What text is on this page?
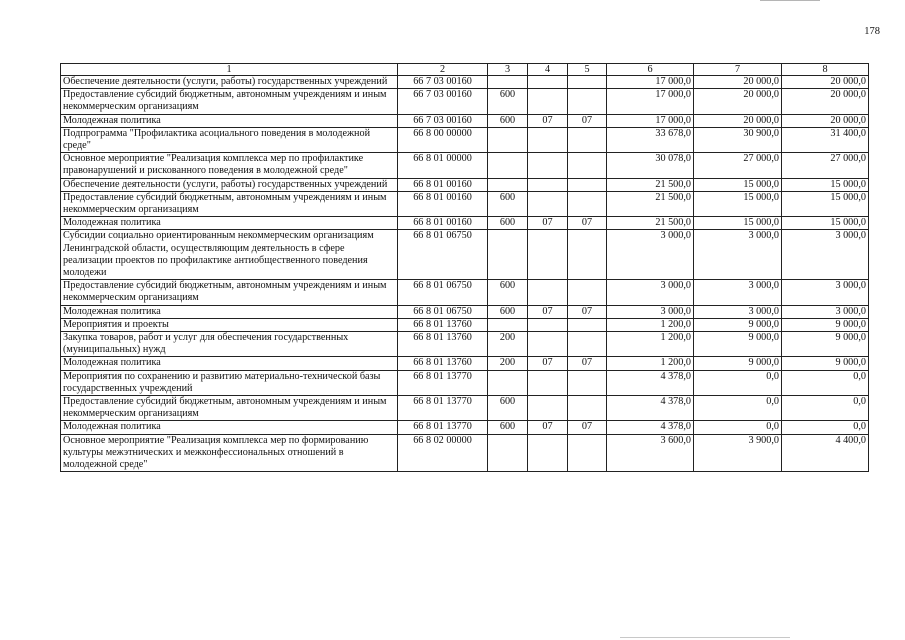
178
1	2	3	4	5	6	7	8
Обеспечение деятельности (услуги, работы) государственных учреждений	66 7 03 00160				17 000,0	20 000,0	20 000,0
Предоставление субсидий бюджетным, автономным учреждениям и иным некоммерческим организациям	66 7 03 00160	600			17 000,0	20 000,0	20 000,0
Молодежная политика	66 7 03 00160	600	07	07	17 000,0	20 000,0	20 000,0
Подпрограмма "Профилактика асоциального поведения в молодежной среде"	66 8 00 00000				33 678,0	30 900,0	31 400,0
Основное мероприятие "Реализация комплекса мер по профилактике правонарушений и рискованного поведения в молодежной среде"	66 8 01 00000				30 078,0	27 000,0	27 000,0
Обеспечение деятельности (услуги, работы) государственных учреждений	66 8 01 00160				21 500,0	15 000,0	15 000,0
Предоставление субсидий бюджетным, автономным учреждениям и иным некоммерческим организациям	66 8 01 00160	600			21 500,0	15 000,0	15 000,0
Молодежная политика	66 8 01 00160	600	07	07	21 500,0	15 000,0	15 000,0
Субсидии социально ориентированным некоммерческим организациям Ленинградской области, осуществляющим деятельность в сфере реализации проектов по профилактике антиобщественного поведения молодежи	66 8 01 06750				3 000,0	3 000,0	3 000,0
Предоставление субсидий бюджетным, автономным учреждениям и иным некоммерческим организациям	66 8 01 06750	600			3 000,0	3 000,0	3 000,0
Молодежная политика	66 8 01 06750	600	07	07	3 000,0	3 000,0	3 000,0
Мероприятия и проекты	66 8 01 13760				1 200,0	9 000,0	9 000,0
Закупка товаров, работ и услуг для обеспечения государственных (муниципальных) нужд	66 8 01 13760	200			1 200,0	9 000,0	9 000,0
Молодежная политика	66 8 01 13760	200	07	07	1 200,0	9 000,0	9 000,0
Мероприятия по сохранению и развитию материально-технической базы государственных учреждений	66 8 01 13770				4 378,0	0,0	0,0
Предоставление субсидий бюджетным, автономным учреждениям и иным некоммерческим организациям	66 8 01 13770	600			4 378,0	0,0	0,0
Молодежная политика	66 8 01 13770	600	07	07	4 378,0	0,0	0,0
Основное мероприятие "Реализация комплекса мер по формированию культуры межэтнических и межконфессиональных отношений в молодежной среде"	66 8 02 00000				3 600,0	3 900,0	4 400,0
